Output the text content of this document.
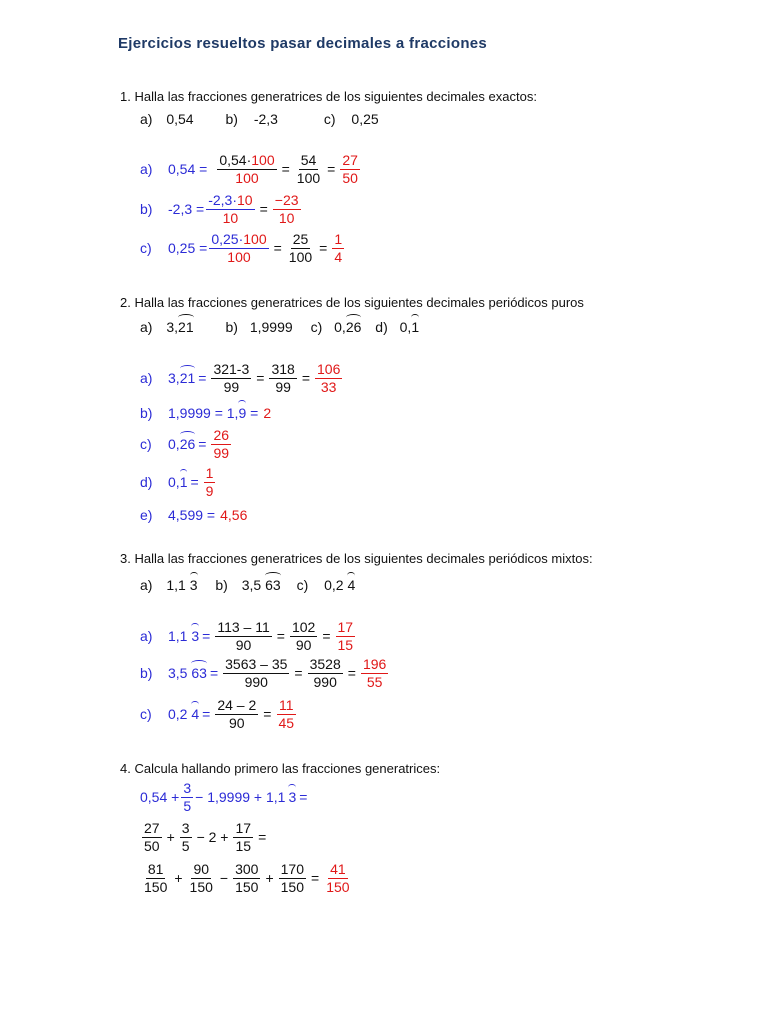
Ejercicios resueltos pasar decimales a fracciones
1. Halla las fracciones generatrices de los siguientes decimales exactos:
a) 0,54 b) -2,3	c) 0,25
a)	$0,54 = \frac{0,54\cdot 100}{100} = \frac{54}{100} = \frac{27}{50}$
b)	$-2,3 = \frac{-2,3\cdot 10}{10} = \frac{-23}{10}$
c)	$0,25 = \frac{0,25\cdot 100}{100} = \frac{25}{100} = \frac{1}{4}$
2. Halla las fracciones generatrices de los siguientes decimales periódicos puros
a) 3,21 b) 1,9999 c) 0,26 d) 0,1
a)	$3,21 = \frac{321-3}{99} = \frac{318}{99} = \frac{106}{33}$
b)	1,9999 = 1,9 = 2
c)	$0,26 = \frac{26}{99}$
d)	$0,1 = \frac{1}{9}$
e)	4,599 = 4,56
3. Halla las fracciones generatrices de los siguientes decimales periódicos mixtos:
a) 1,1 3 b) 3,5 63 c) 0,2 4
a)	1,1 $3 = \frac{113 - 11}{90} = \frac{102}{90} = \frac{17}{15}$
b)	3,5 $63 = \frac{3563 - 35}{990} = \frac{3528}{990} = \frac{196}{55}$
c)	0,2 $4 = \frac{24 - 2}{90} = \frac{11}{45}$
4. Calcula hallando primero las fracciones generatrices:
$0,54 + \frac{3}{5} - 1,9999 + 1,1$ 3 =
$\frac{27}{50} + \frac{3}{5} - 2 + \frac{17}{15}$ =
$\frac{81}{150} + \frac{90}{150} - \frac{300}{150} + \frac{170}{150} = \frac{41}{150}$
